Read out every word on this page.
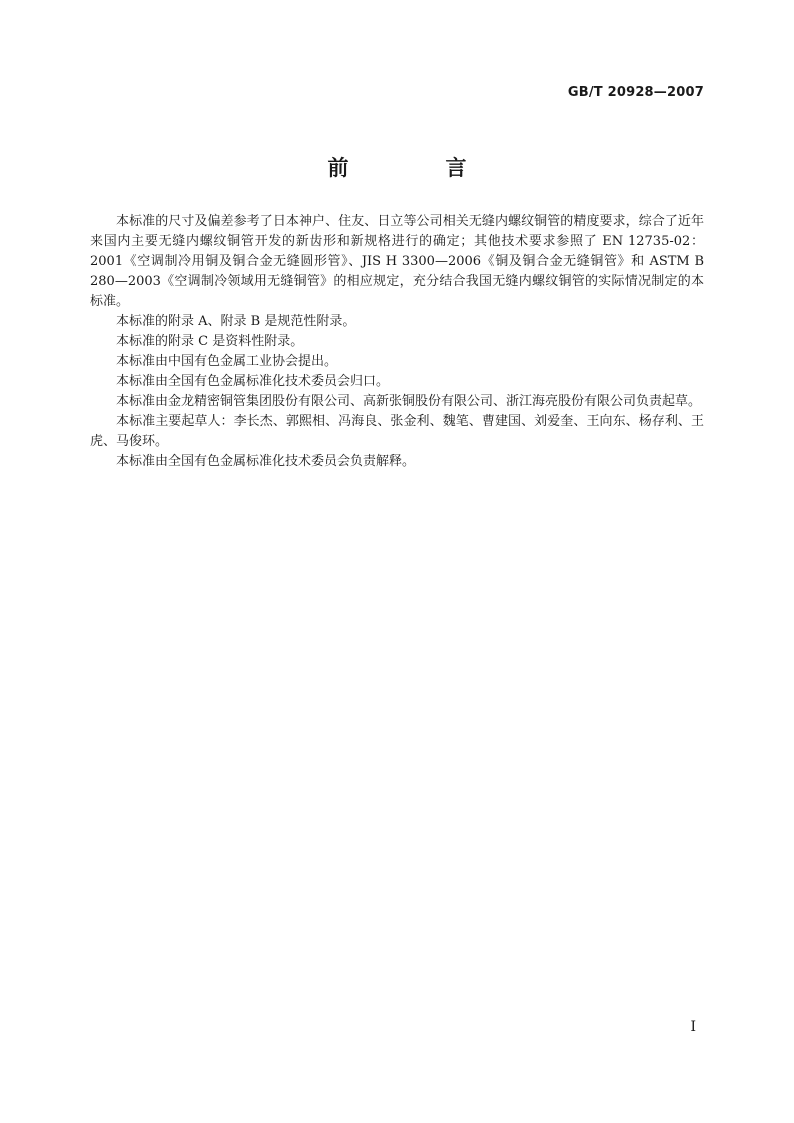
GB/T 20928—2007
前　言

本标准的尺寸及偏差参考了日本神户、住友、日立等公司相关无缝内螺纹铜管的精度要求，综合了近年来国内主要无缝内螺纹铜管开发的新齿形和新规格进行的确定；其他技术要求参照了 EN 12735-02：2001《空调制冷用铜及铜合金无缝圆形管》、JIS H 3300—2006《铜及铜合金无缝铜管》和 ASTM B 280—2003《空调制冷领域用无缝铜管》的相应规定，充分结合我国无缝内螺纹铜管的实际情况制定的本标准。

本标准的附录 A、附录 B 是规范性附录。

本标准的附录 C 是资料性附录。

本标准由中国有色金属工业协会提出。

本标准由全国有色金属标准化技术委员会归口。

本标准由金龙精密铜管集团股份有限公司、高新张铜股份有限公司、浙江海亮股份有限公司负责起草。

本标准主要起草人：李长杰、郭熙相、冯海良、张金利、魏笔、曹建国、刘爱奎、王向东、杨存利、王虎、马俊环。

本标准由全国有色金属标准化技术委员会负责解释。

I
